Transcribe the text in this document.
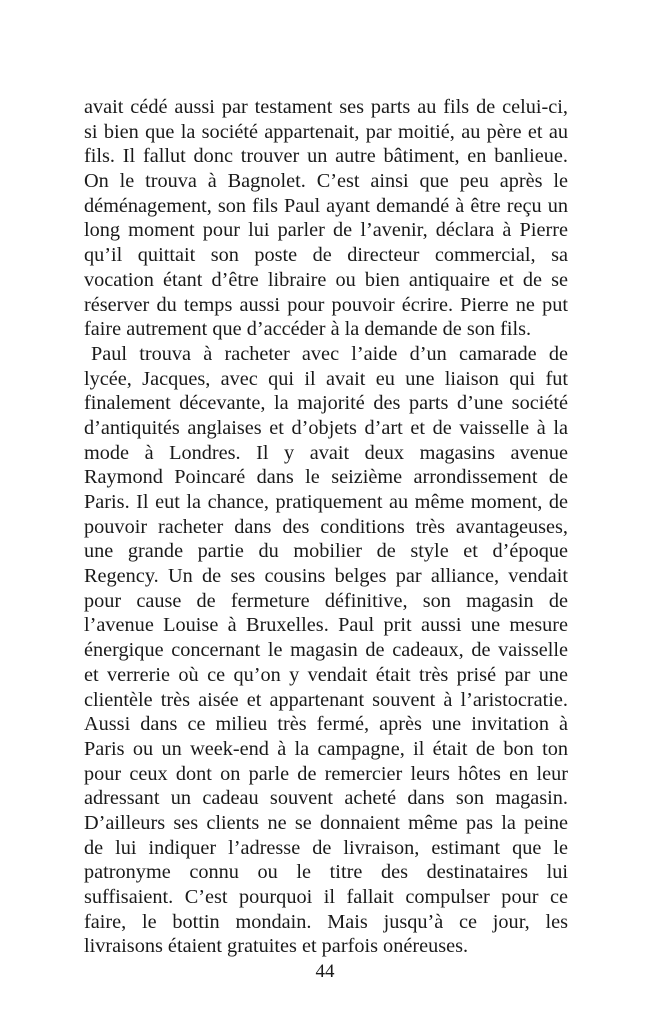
avait cédé aussi par testament ses parts au fils de celui-ci,
si bien que la société appartenait, par moitié, au père et au
fils. Il fallut donc trouver un autre bâtiment, en banlieue.
On le trouva à Bagnolet. C’est ainsi que peu après le
déménagement, son fils Paul ayant demandé à être reçu un
long moment pour lui parler de l’avenir, déclara à Pierre
qu’il quittait son poste de directeur commercial, sa
vocation étant d’être libraire ou bien antiquaire et de se
réserver du temps aussi pour pouvoir écrire. Pierre ne put
faire autrement que d’accéder à la demande de son fils.
Paul trouva à racheter avec l’aide d’un camarade de
lycée, Jacques, avec qui il avait eu une liaison qui fut
finalement décevante, la majorité des parts d’une société
d’antiquités anglaises et d’objets d’art et de vaisselle à la
mode à Londres. Il y avait deux magasins avenue
Raymond Poincaré dans le seizième arrondissement de
Paris. Il eut la chance, pratiquement au même moment, de
pouvoir racheter dans des conditions très avantageuses,
une grande partie du mobilier de style et d’époque
Regency. Un de ses cousins belges par alliance, vendait
pour cause de fermeture définitive, son magasin de
l’avenue Louise à Bruxelles. Paul prit aussi une mesure
énergique concernant le magasin de cadeaux, de vaisselle
et verrerie où ce qu’on y vendait était très prisé par une
clientèle très aisée et appartenant souvent à l’aristocratie.
Aussi dans ce milieu très fermé, après une invitation à
Paris ou un week-end à la campagne, il était de bon ton
pour ceux dont on parle de remercier leurs hôtes en leur
adressant un cadeau souvent acheté dans son magasin.
D’ailleurs ses clients ne se donnaient même pas la peine
de lui indiquer l’adresse de livraison, estimant que le
patronyme connu ou le titre des destinataires lui
suffisaient. C’est pourquoi il fallait compulser pour ce
faire, le bottin mondain. Mais jusqu’à ce jour, les
livraisons étaient gratuites et parfois onéreuses.
44
